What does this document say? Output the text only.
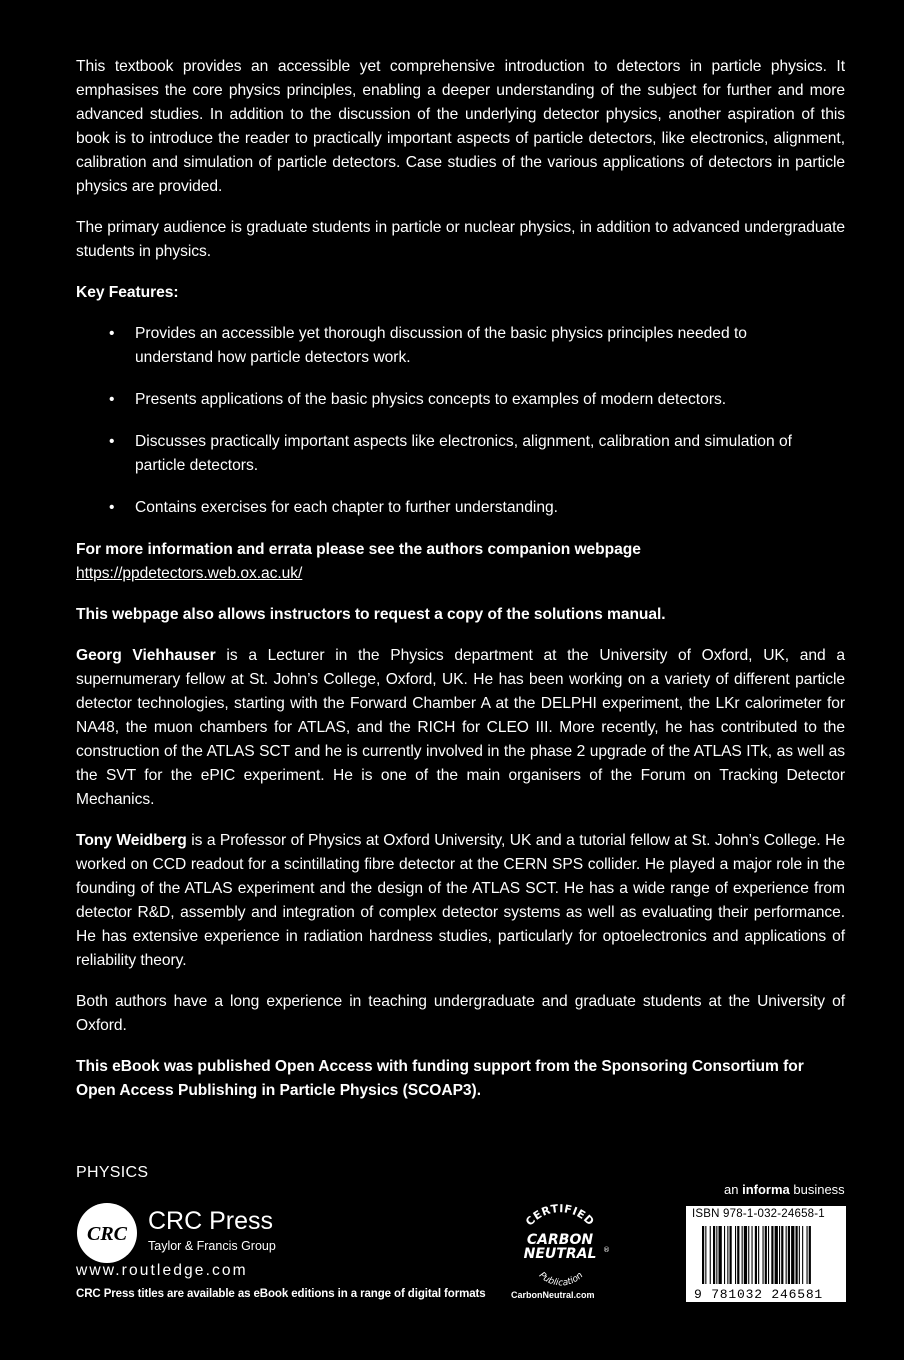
This textbook provides an accessible yet comprehensive introduction to detectors in particle physics. It emphasises the core physics principles, enabling a deeper understanding of the subject for further and more advanced studies. In addition to the discussion of the underlying detector physics, another aspiration of this book is to introduce the reader to practically important aspects of particle detectors, like electronics, alignment, calibration and simulation of particle detectors. Case studies of the various applications of detectors in particle physics are provided.

The primary audience is graduate students in particle or nuclear physics, in addition to advanced undergraduate students in physics.

Key Features:

• Provides an accessible yet thorough discussion of the basic physics principles needed to understand how particle detectors work.
• Presents applications of the basic physics concepts to examples of modern detectors.
• Discusses practically important aspects like electronics, alignment, calibration and simulation of particle detectors.
• Contains exercises for each chapter to further understanding.

For more information and errata please see the authors companion webpage
https://ppdetectors.web.ox.ac.uk/

This webpage also allows instructors to request a copy of the solutions manual.

Georg Viehhauser is a Lecturer in the Physics department at the University of Oxford, UK, and a supernumerary fellow at St. John’s College, Oxford, UK. He has been working on a variety of different particle detector technologies, starting with the Forward Chamber A at the DELPHI experiment, the LKr calorimeter for NA48, the muon chambers for ATLAS, and the RICH for CLEO III. More recently, he has contributed to the construction of the ATLAS SCT and he is currently involved in the phase 2 upgrade of the ATLAS ITk, as well as the SVT for the ePIC experiment. He is one of the main organisers of the Forum on Tracking Detector Mechanics.

Tony Weidberg is a Professor of Physics at Oxford University, UK and a tutorial fellow at St. John’s College. He worked on CCD readout for a scintillating fibre detector at the CERN SPS collider. He played a major role in the founding of the ATLAS experiment and the design of the ATLAS SCT. He has a wide range of experience from detector R&D, assembly and integration of complex detector systems as well as evaluating their performance. He has extensive experience in radiation hardness studies, particularly for optoelectronics and applications of reliability theory.

Both authors have a long experience in teaching undergraduate and graduate students at the University of Oxford.

This eBook was published Open Access with funding support from the Sponsoring Consortium for Open Access Publishing in Particle Physics (SCOAP3).

PHYSICS
CRC CRC Press
Taylor & Francis Group
www.routledge.com
CRC Press titles are available as eBook editions in a range of digital formats
CERTIFIED
CARBON
NEUTRAL ®
Publication
CarbonNeutral.com
an informa business
ISBN 978-1-032-24658-1
9 781032 246581
